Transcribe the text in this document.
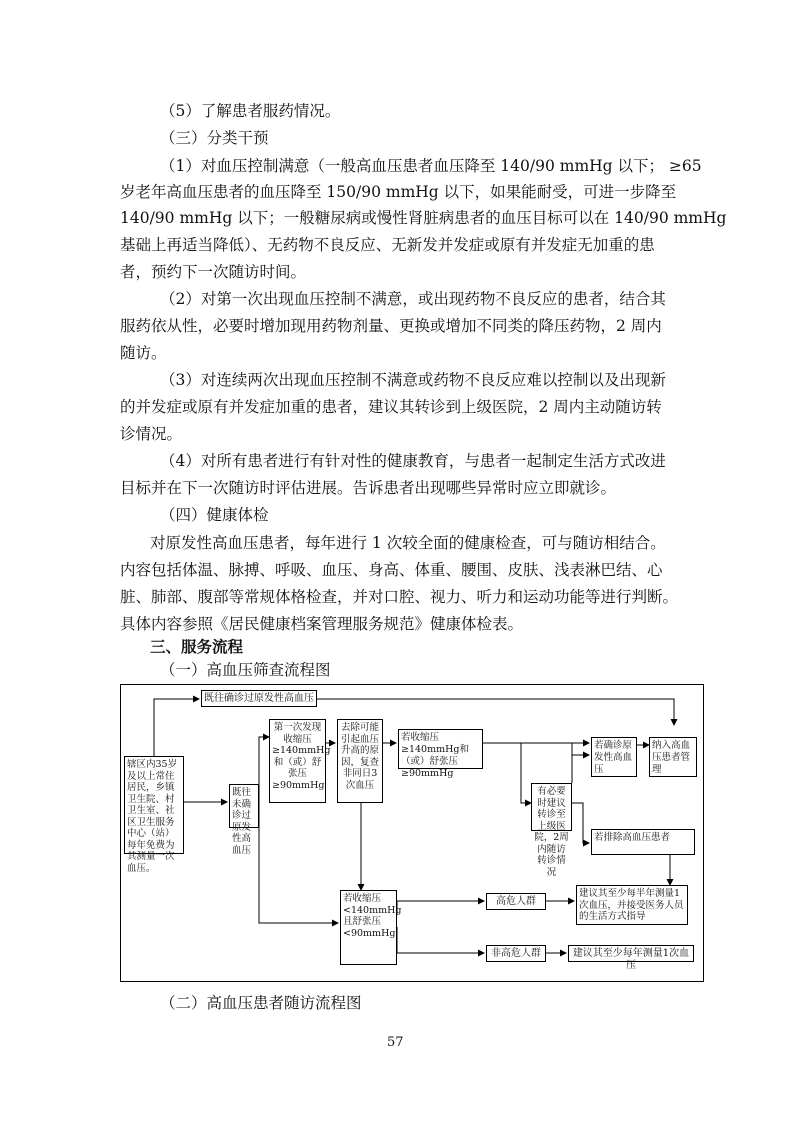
（5）了解患者服药情况。
（三）分类干预
（1）对血压控制满意（一般高血压患者血压降至 140/90 mmHg 以下； ≥65
岁老年高血压患者的血压降至 150/90 mmHg 以下，如果能耐受，可进一步降至
140/90 mmHg 以下；一般糖尿病或慢性肾脏病患者的血压目标可以在 140/90 mmHg
基础上再适当降低）、无药物不良反应、无新发并发症或原有并发症无加重的患
者，预约下一次随访时间。
（2）对第一次出现血压控制不满意，或出现药物不良反应的患者，结合其
服药依从性，必要时增加现用药物剂量、更换或增加不同类的降压药物，2 周内
随访。
（3）对连续两次出现血压控制不满意或药物不良反应难以控制以及出现新
的并发症或原有并发症加重的患者，建议其转诊到上级医院，2 周内主动随访转
诊情况。
（4）对所有患者进行有针对性的健康教育，与患者一起制定生活方式改进
目标并在下一次随访时评估进展。告诉患者出现哪些异常时应立即就诊。
（四）健康体检
对原发性高血压患者，每年进行 1 次较全面的健康检查，可与随访相结合。
内容包括体温、脉搏、呼吸、血压、身高、体重、腰围、皮肤、浅表淋巴结、心
脏、肺部、腹部等常规体格检查，并对口腔、视力、听力和运动功能等进行判断。
具体内容参照《居民健康档案管理服务规范》健康体检表。
三、服务流程
（一）高血压筛查流程图
辖区内35岁及以上常住居民，乡镇卫生院、村卫生室、社区卫生服务中心（站）每年免费为其测量一次血压。
既往确诊过原发性高血压
既往未确诊过原发性高血压
第一次发现收缩压≥140mmHg和（或）舒张压≥90mmHg
去除可能引起血压升高的原因，复查非同日3次血压
若收缩压≥140mmHg和（或）舒张压≥90mmHg
有必要时建议转诊至上级医院，2周内随访转诊情况
若确诊原发性高血压
纳入高血压患者管理
若排除高血压患者
若收缩压<140mmHg且舒张压<90mmHg
高危人群
建议其至少每半年测量1次血压，并接受医务人员的生活方式指导
非高危人群	建议其至少每年测量1次血压
（二）高血压患者随访流程图
57
